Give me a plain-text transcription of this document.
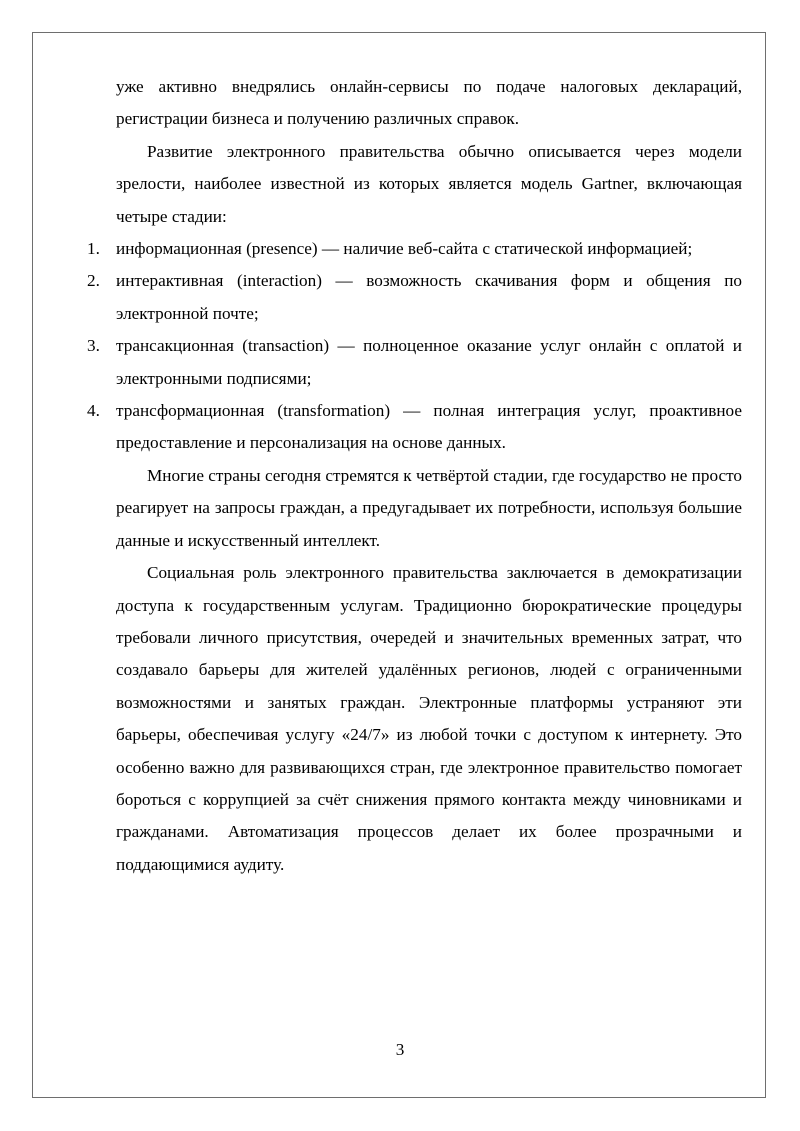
уже активно внедрялись онлайн-сервисы по подаче налоговых деклараций, регистрации бизнеса и получению различных справок.

Развитие электронного правительства обычно описывается через модели зрелости, наиболее известной из которых является модель Gartner, включающая четыре стадии:

1. информационная (presence) — наличие веб-сайта с статической информацией;
2. интерактивная (interaction) — возможность скачивания форм и общения по электронной почте;
3. трансакционная (transaction) — полноценное оказание услуг онлайн с оплатой и электронными подписями;
4. трансформационная (transformation) — полная интеграция услуг, проактивное предоставление и персонализация на основе данных.

Многие страны сегодня стремятся к четвёртой стадии, где государство не просто реагирует на запросы граждан, а предугадывает их потребности, используя большие данные и искусственный интеллект.

Социальная роль электронного правительства заключается в демократизации доступа к государственным услугам. Традиционно бюрократические процедуры требовали личного присутствия, очередей и значительных временных затрат, что создавало барьеры для жителей удалённых регионов, людей с ограниченными возможностями и занятых граждан. Электронные платформы устраняют эти барьеры, обеспечивая услугу «24/7» из любой точки с доступом к интернету. Это особенно важно для развивающихся стран, где электронное правительство помогает бороться с коррупцией за счёт снижения прямого контакта между чиновниками и гражданами. Автоматизация процессов делает их более прозрачными и поддающимися аудиту.

3
